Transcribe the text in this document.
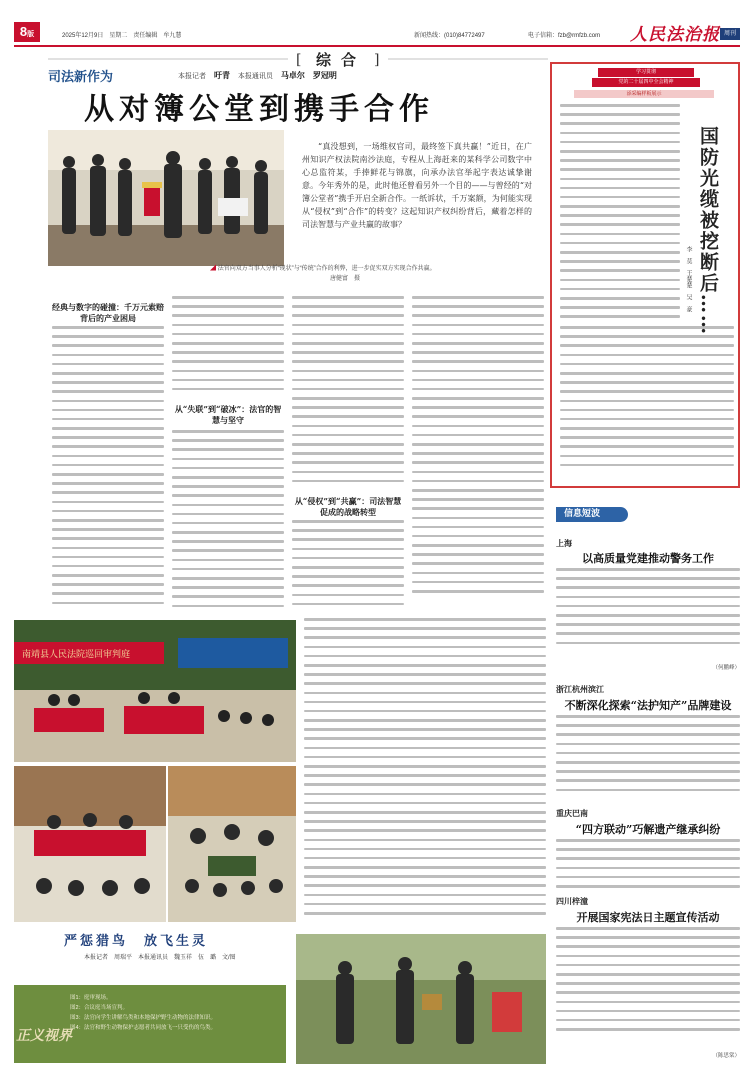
8版	2025年12月9日　星期二　责任编辑　牟九慧	新闻热线：(010)84772497	电子信箱：fzb@rmfzb.com 人民法治报 周刊
[	]
综合
司法新作为	本报记者 吁青 本报通讯员 马卓尔　罗冠明
从对簿公堂到携手合作

“真没想到，一场维权官司，最终签下真共赢！”近日，在广州知识产权法院南沙法庭，专程从上海赶来的某科学公司数字中心总监符某，手捧鲜花与锦旗，向承办法官举起字表达诚挚谢意。今年秀外的是，此时他还曾看另外一个目的——与曾经的“对簿公堂者”携手开启全新合作。一纸诉状，千万案额，为何能实现从“侵权”到“合作”的转变？这起知识产权纠纷背后，藏着怎样的司法智慧与产业共赢的故事？

◢ 法官向双方当事人分析“现状”与“传统”合作的利弊，进一步促实双方实现合作共赢。 唐健富　摄
经典与数字的碰撞：千万元索赔背后的产业困局
从“失联”到“破冰”：法官的智慧与坚守
从“侵权”到“共赢”：司法智慧促成的战略转型
学习贯彻
党的二十届四中全会精神
添采编样板展示
国防光缆被挖断后……
李　莫　王楚楚　吴　豪
信息短波
上海
以高质量党建推动警务工作
（何鹏峰）
浙江杭州滨江
不断深化探索“法护知产”品牌建设
重庆巴南
“四方联动”巧解遗产继承纠纷
四川梓潼
开展国家宪法日主题宣传活动
（陈思棠）
南靖县人民法院巡回审判庭
严惩猎鸟　放飞生灵
本报记者　周瑞平　本报通讯员　魏玉祥　伍　璐　文/图
正义视界
图1：庭审现场。
图2：合议庭当场宣判。
图3：法官向学生讲解鸟类和本地保护野生动物的法律知识。
图4：法官和野生动物保护志愿者共同放飞一只受伤的鸟类。
